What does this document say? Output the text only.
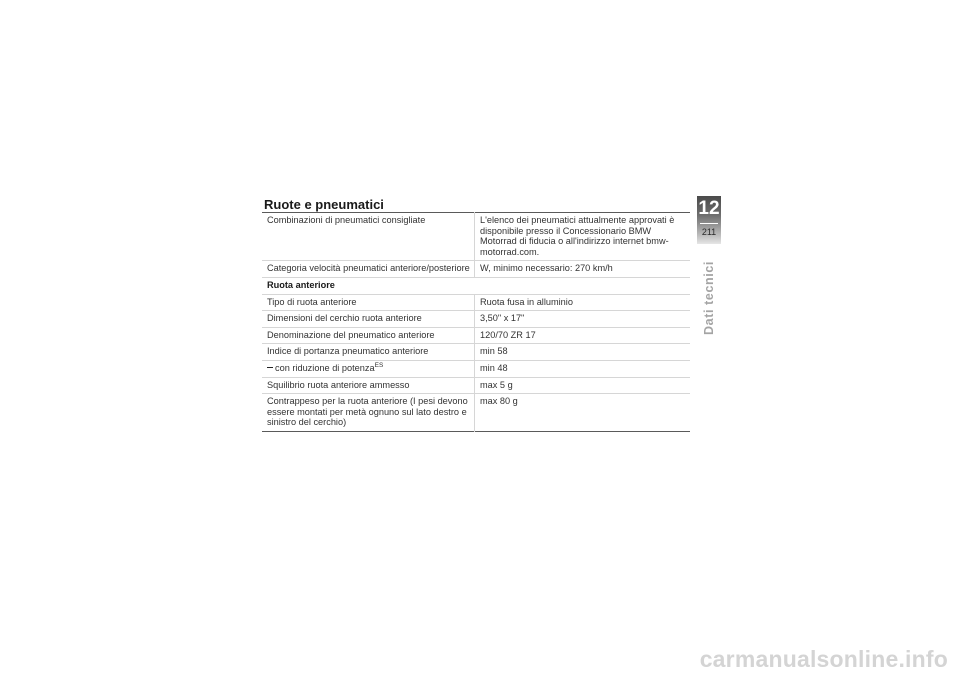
Ruote e pneumatici
Combinazioni di pneumatici consigliate	L'elenco dei pneumatici attualmente approvati è disponibile presso il Concessionario BMW Motorrad di fiducia o all'indirizzo internet bmw-motorrad.com.
Categoria velocità pneumatici anteriore/posteriore	W, minimo necessario: 270 km/h
Ruota anteriore	
Tipo di ruota anteriore	Ruota fusa in alluminio
Dimensioni del cerchio ruota anteriore	3,50" x 17"
Denominazione del pneumatico anteriore	120/70 ZR 17
Indice di portanza pneumatico anteriore	min 58
con riduzione di potenza$^{ES}$	min 48
Squilibrio ruota anteriore ammesso	max 5 g
Contrappeso per la ruota anteriore (I pesi devono essere montati per metà ognuno sul lato destro e sinistro del cerchio)	max 80 g
12
211
Dati tecnici
carmanualsonline.info
